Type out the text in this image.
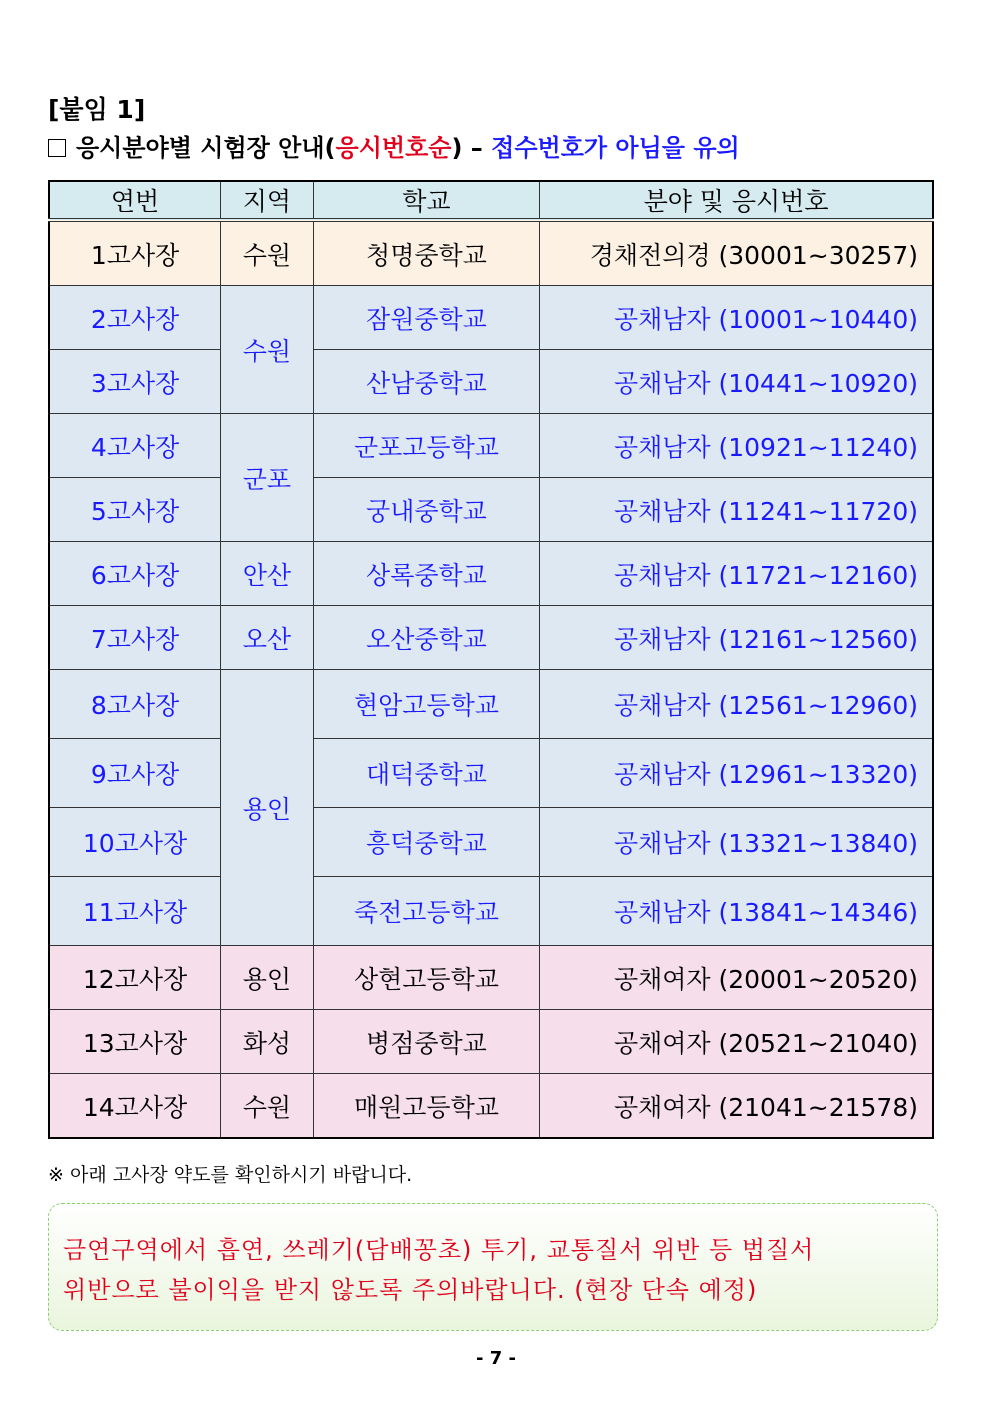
[붙임 1]
응시분야별 시험장 안내(응시번호순) – 접수번호가 아님을 유의
연번	지역	학교	분야 및 응시번호
1고사장	수원	청명중학교	경채전의경 (30001~30257)
2고사장	수원	잠원중학교	공채남자 (10001~10440)
3고사장		산남중학교	공채남자 (10441~10920)
4고사장	군포	군포고등학교	공채남자 (10921~11240)
5고사장		궁내중학교	공채남자 (11241~11720)
6고사장	안산	상록중학교	공채남자 (11721~12160)
7고사장	오산	오산중학교	공채남자 (12161~12560)
8고사장	용인	현암고등학교	공채남자 (12561~12960)
9고사장		대덕중학교	공채남자 (12961~13320)
10고사장		흥덕중학교	공채남자 (13321~13840)
11고사장		죽전고등학교	공채남자 (13841~14346)
12고사장	용인	상현고등학교	공채여자 (20001~20520)
13고사장	화성	병점중학교	공채여자 (20521~21040)
14고사장	수원	매원고등학교	공채여자 (21041~21578)
※ 아래 고사장 약도를 확인하시기 바랍니다.

금연구역에서 흡연, 쓰레기(담배꽁초) 투기, 교통질서 위반 등 법질서

위반으로 불이익을 받지 않도록 주의바랍니다. (현장 단속 예정)

- 7 -
